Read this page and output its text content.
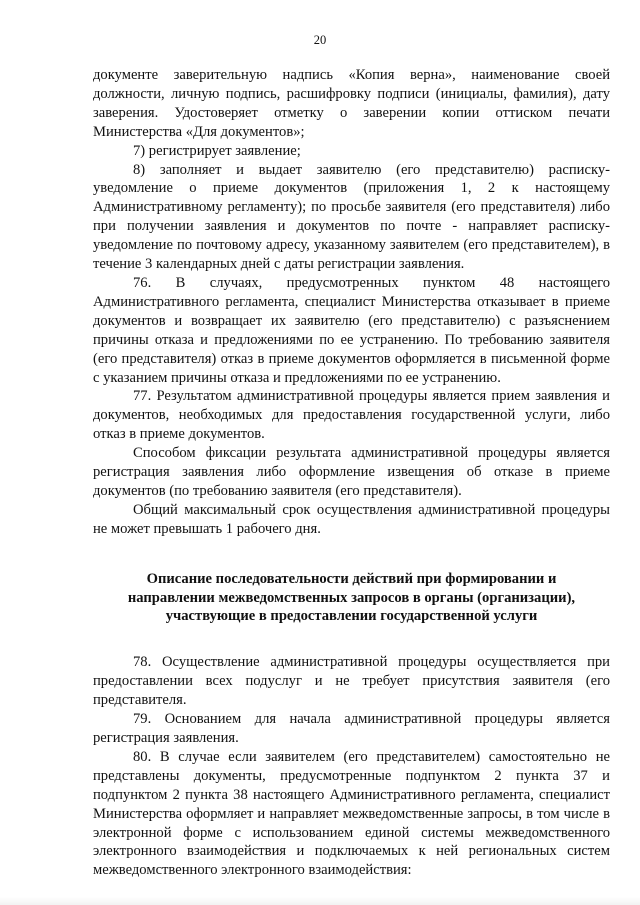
20

документе заверительную надпись «Копия верна», наименование своей должности, личную подпись, расшифровку подписи (инициалы, фамилия), дату заверения. Удостоверяет отметку о заверении копии оттиском печати Министерства «Для документов»;

7) регистрирует заявление;

8) заполняет и выдает заявителю (его представителю) расписку-уведомление о приеме документов (приложения 1, 2 к настоящему Административному регламенту); по просьбе заявителя (его представителя) либо при получении заявления и документов по почте - направляет расписку-уведомление по почтовому адресу, указанному заявителем (его представителем), в течение 3 календарных дней с даты регистрации заявления.

76. В случаях, предусмотренных пунктом 48 настоящего Административного регламента, специалист Министерства отказывает в приеме документов и возвращает их заявителю (его представителю) с разъяснением причины отказа и предложениями по ее устранению. По требованию заявителя (его представителя) отказ в приеме документов оформляется в письменной форме с указанием причины отказа и предложениями по ее устранению.

77. Результатом административной процедуры является прием заявления и документов, необходимых для предоставления государственной услуги, либо отказ в приеме документов.

Способом фиксации результата административной процедуры является регистрация заявления либо оформление извещения об отказе в приеме документов (по требованию заявителя (его представителя).

Общий максимальный срок осуществления административной процедуры не может превышать 1 рабочего дня.

Описание последовательности действий при формировании и направлении межведомственных запросов в органы (организации), участвующие в предоставлении государственной услуги

78. Осуществление административной процедуры осуществляется при предоставлении всех подуслуг и не требует присутствия заявителя (его представителя.

79. Основанием для начала административной процедуры является регистрация заявления.

80. В случае если заявителем (его представителем) самостоятельно не представлены документы, предусмотренные подпунктом 2 пункта 37 и подпунктом 2 пункта 38 настоящего Административного регламента, специалист Министерства оформляет и направляет межведомственные запросы, в том числе в электронной форме с использованием единой системы межведомственного электронного взаимодействия и подключаемых к ней региональных систем межведомственного электронного взаимодействия:
